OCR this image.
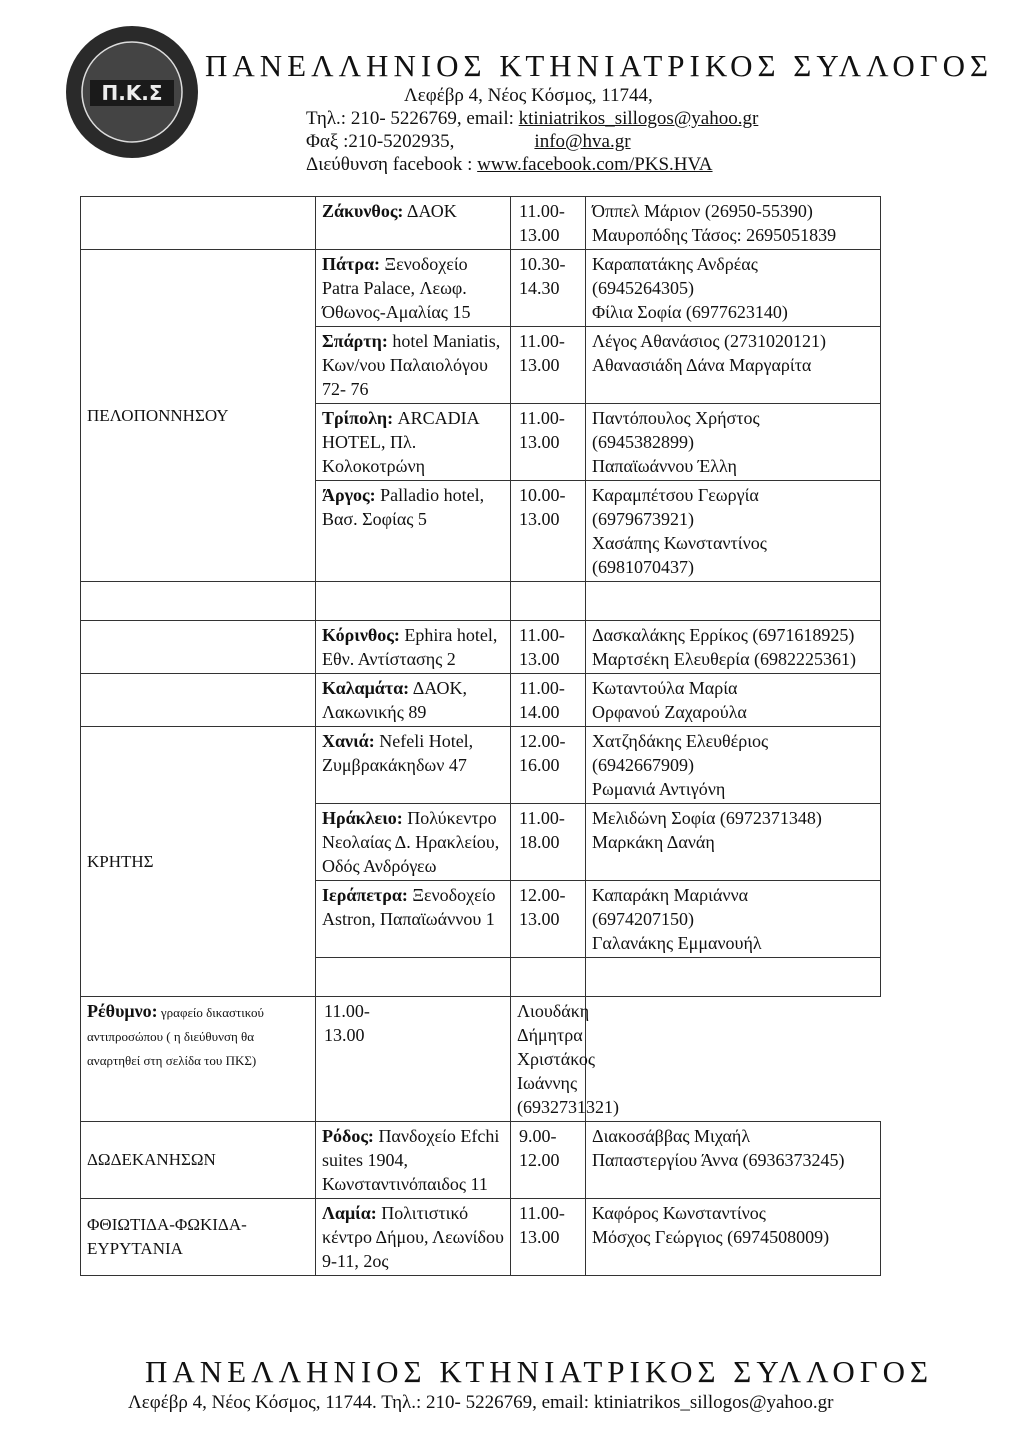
Π.Κ.Σ
ΠΑΝΕΛΛΗΝΙΟΣ ΚΤΗΝΙΑΤΡΙΚΟΣ ΣΥΛΛΟΓΟΣ
Λεφέβρ 4, Νέος Κόσμος, 11744,
Τηλ.: 210- 5226769, email: ktiniatrikos_sillogos@yahoo.gr
Φαξ :210-5202935,	info@hva.gr
Διεύθυνση facebook : www.facebook.com/PKS.HVA
	Ζάκυνθος: ΔΑΟΚ	11.00-
13.00	Όππελ Μάριον (26950-55390)
Μαυροπόδης Τάσος: 2695051839	

ΠΕΛΟΠΟΝΝΗΣΟΥ	Πάτρα: Ξενοδοχείο Patra Palace, Λεωφ. Όθωνος-Αμαλίας 15	10.30-
14.30	Καραπατάκης Ανδρέας
(6945264305)
Φίλια Σοφία (6977623140)	

	Σπάρτη: hotel Maniatis, Κων/νου Παλαιολόγου 72- 76	11.00-
13.00	Λέγος Αθανάσιος (2731020121)
Αθανασιάδη Δάνα Μαργαρίτα	

	Τρίπολη: ARCADIA HOTEL, Πλ. Κολοκοτρώνη	11.00-
13.00	Παντόπουλος Χρήστος
(6945382899)
Παπαϊωάννου Έλλη	

	Άργος: Palladio hotel, Βασ. Σοφίας 5	10.00-
13.00	Καραμπέτσου Γεωργία
(6979673921)
Χασάπης Κωνσταντίνος
(6981070437)	

	Κόρινθος: Ephira hotel, Εθν. Αντίστασης 2	11.00-
13.00	Δασκαλάκης Ερρίκος (6971618925)
Μαρτσέκη Ελευθερία (6982225361)	

	Καλαμάτα: ΔΑΟΚ, Λακωνικής 89	11.00-
14.00	Κωταντούλα Μαρία
Ορφανού Ζαχαρούλα	

ΚΡΗΤΗΣ	Χανιά: Nefeli Hotel, Ζυμβρακάκηδων 47	12.00-
16.00	Χατζηδάκης Ελευθέριος
(6942667909)
Ρωμανιά Αντιγόνη	

	Ηράκλειο: Πολύκεντρο Νεολαίας Δ. Ηρακλείου, Οδός Ανδρόγεω	11.00-
18.00	Μελιδώνη Σοφία (6972371348)
Μαρκάκη Δανάη	

	Ιεράπετρα: Ξενοδοχείο Astron, Παπαϊωάννου 1	12.00-
13.00	Καπαράκη Μαριάννα
(6974207150)
Γαλανάκης Εμμανουήλ	

Ρέθυμνο: γραφείο δικαστικού αντιπροσώπου ( η διεύθυνση θα αναρτηθεί στη σελίδα του ΠΚΣ)	11.00-
13.00	Λιουδάκη Δήμητρα
Χριστάκος Ιωάννης (6932731321)		

ΔΩΔΕΚΑΝΗΣΩΝ	Ρόδος: Πανδοχείο Efchi suites 1904, Κωνσταντινόπαιδος 11	9.00-
12.00	Διακοσάββας Μιχαήλ
Παπαστεργίου Άννα (6936373245)	

ΦΘΙΩΤΙΔΑ-ΦΩΚΙΔΑ-ΕΥΡΥΤΑΝΙΑ	Λαμία: Πολιτιστικό κέντρο Δήμου, Λεωνίδου 9-11, 2ος	11.00-
13.00	Καφόρος Κωνσταντίνος
Μόσχος Γεώργιος (6974508009)	
ΠΑΝΕΛΛΗΝΙΟΣ ΚΤΗΝΙΑΤΡΙΚΟΣ ΣΥΛΛΟΓΟΣ
Λεφέβρ 4, Νέος Κόσμος, 11744. Τηλ.: 210- 5226769, email: ktiniatrikos_sillogos@yahoo.gr
